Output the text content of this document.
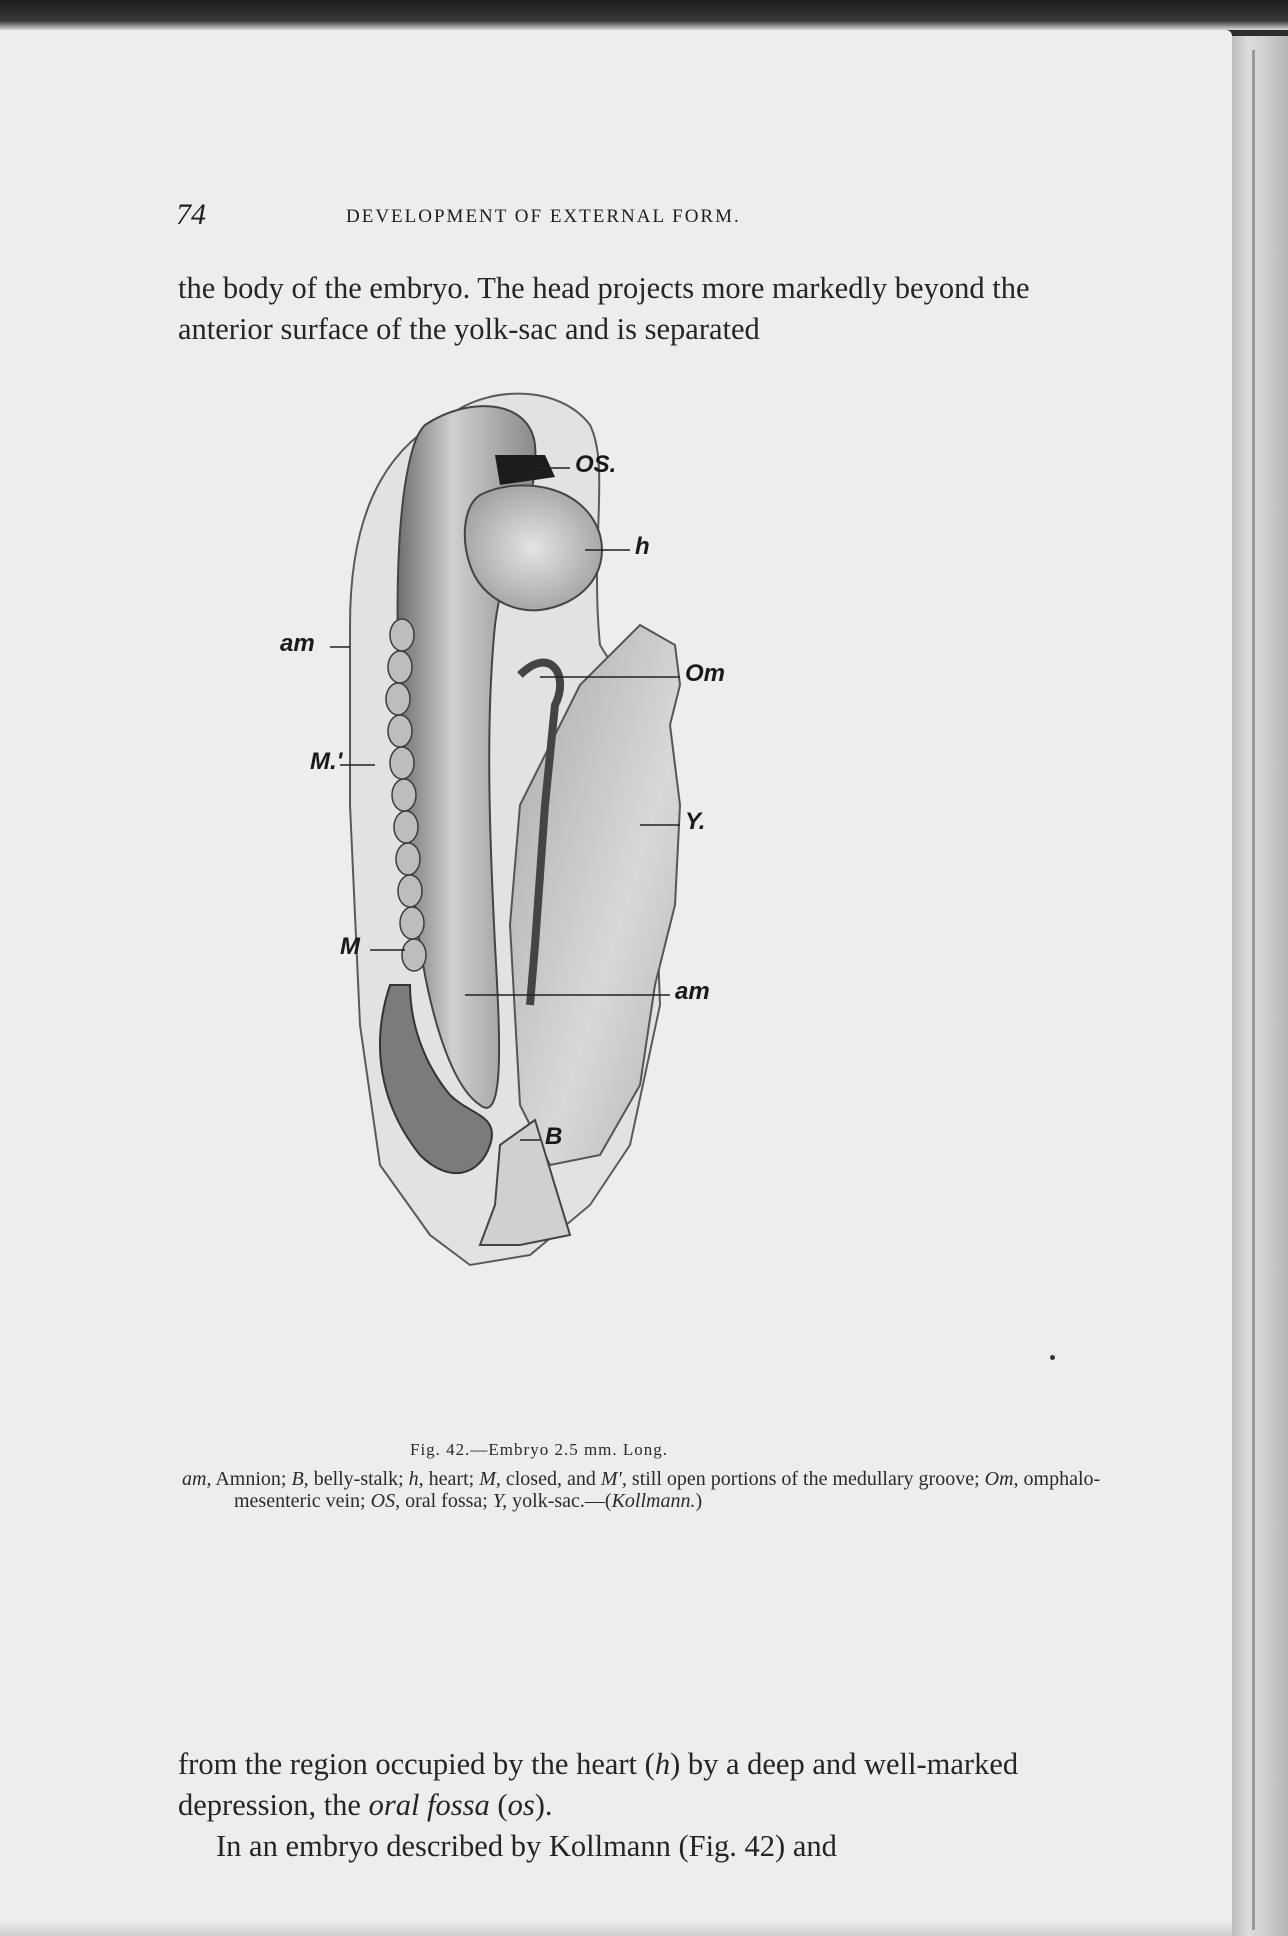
74	DEVELOPMENT OF EXTERNAL FORM.

the body of the embryo. The head projects more markedly beyond the anterior surface of the yolk-sac and is separated

OS.
h
am
Om
M.'
Y.
M
am
B
Fig. 42.—Embryo 2.5 mm. Long.

am, Amnion; B, belly-stalk; h, heart; M, closed, and M′, still open portions of the medullary groove; Om, omphalo-mesenteric vein; OS, oral fossa; Y, yolk-sac.—(Kollmann.)

from the region occupied by the heart (h) by a deep and well-marked depression, the oral fossa (os).
In an embryo described by Kollmann (Fig. 42) and
